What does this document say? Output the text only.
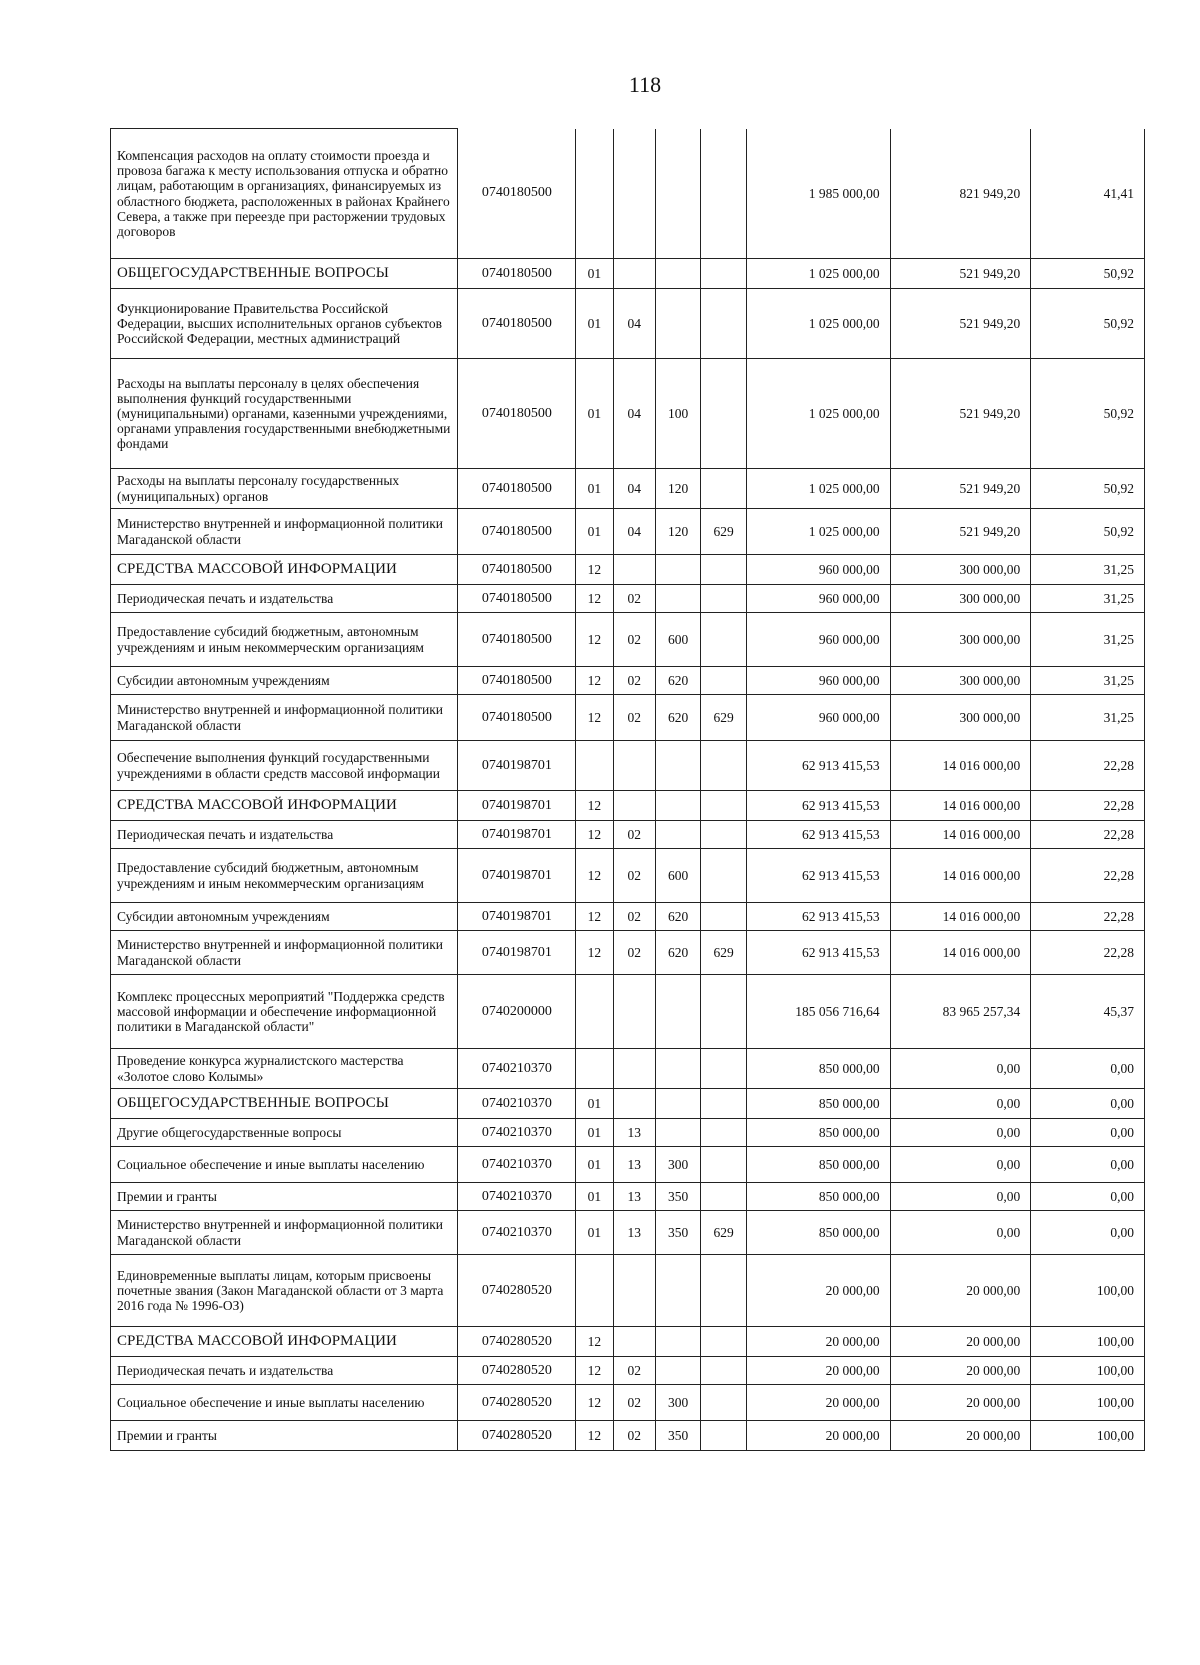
118
Компенсация расходов на оплату стоимости проезда и провоза багажа к месту использования отпуска и обратно лицам, работающим в организациях, финансируемых из областного бюджета, расположенных в районах Крайнего Севера, а также при переезде при расторжении трудовых договоров	0740180500					1 985 000,00	821 949,20	41,41
ОБЩЕГОСУДАРСТВЕННЫЕ ВОПРОСЫ	0740180500	01				1 025 000,00	521 949,20	50,92
Функционирование Правительства Российской Федерации, высших исполнительных органов субъектов Российской Федерации, местных администраций	0740180500	01	04			1 025 000,00	521 949,20	50,92
Расходы на выплаты персоналу в целях обеспечения выполнения функций государственными (муниципальными) органами, казенными учреждениями, органами управления государственными внебюджетными фондами	0740180500	01	04	100		1 025 000,00	521 949,20	50,92
Расходы на выплаты персоналу государственных (муниципальных) органов	0740180500	01	04	120		1 025 000,00	521 949,20	50,92
Министерство внутренней и информационной политики Магаданской области	0740180500	01	04	120	629	1 025 000,00	521 949,20	50,92
СРЕДСТВА МАССОВОЙ ИНФОРМАЦИИ	0740180500	12				960 000,00	300 000,00	31,25
Периодическая печать и издательства	0740180500	12	02			960 000,00	300 000,00	31,25
Предоставление субсидий бюджетным, автономным учреждениям и иным некоммерческим организациям	0740180500	12	02	600		960 000,00	300 000,00	31,25
Субсидии автономным учреждениям	0740180500	12	02	620		960 000,00	300 000,00	31,25
Министерство внутренней и информационной политики Магаданской области	0740180500	12	02	620	629	960 000,00	300 000,00	31,25
Обеспечение выполнения функций государственными учреждениями в области средств массовой информации	0740198701					62 913 415,53	14 016 000,00	22,28
СРЕДСТВА МАССОВОЙ ИНФОРМАЦИИ	0740198701	12				62 913 415,53	14 016 000,00	22,28
Периодическая печать и издательства	0740198701	12	02			62 913 415,53	14 016 000,00	22,28
Предоставление субсидий бюджетным, автономным учреждениям и иным некоммерческим организациям	0740198701	12	02	600		62 913 415,53	14 016 000,00	22,28
Субсидии автономным учреждениям	0740198701	12	02	620		62 913 415,53	14 016 000,00	22,28
Министерство внутренней и информационной политики Магаданской области	0740198701	12	02	620	629	62 913 415,53	14 016 000,00	22,28
Комплекс процессных мероприятий "Поддержка средств массовой информации и обеспечение информационной политики в Магаданской области"	0740200000					185 056 716,64	83 965 257,34	45,37
Проведение конкурса журналистского мастерства «Золотое слово Колымы»	0740210370					850 000,00	0,00	0,00
ОБЩЕГОСУДАРСТВЕННЫЕ ВОПРОСЫ	0740210370	01				850 000,00	0,00	0,00
Другие общегосударственные вопросы	0740210370	01	13			850 000,00	0,00	0,00
Социальное обеспечение и иные выплаты населению	0740210370	01	13	300		850 000,00	0,00	0,00
Премии и гранты	0740210370	01	13	350		850 000,00	0,00	0,00
Министерство внутренней и информационной политики Магаданской области	0740210370	01	13	350	629	850 000,00	0,00	0,00
Единовременные выплаты лицам, которым присвоены почетные звания (Закон Магаданской области от 3 марта 2016 года № 1996-ОЗ)	0740280520					20 000,00	20 000,00	100,00
СРЕДСТВА МАССОВОЙ ИНФОРМАЦИИ	0740280520	12				20 000,00	20 000,00	100,00
Периодическая печать и издательства	0740280520	12	02			20 000,00	20 000,00	100,00
Социальное обеспечение и иные выплаты населению	0740280520	12	02	300		20 000,00	20 000,00	100,00
Премии и гранты	0740280520	12	02	350		20 000,00	20 000,00	100,00
